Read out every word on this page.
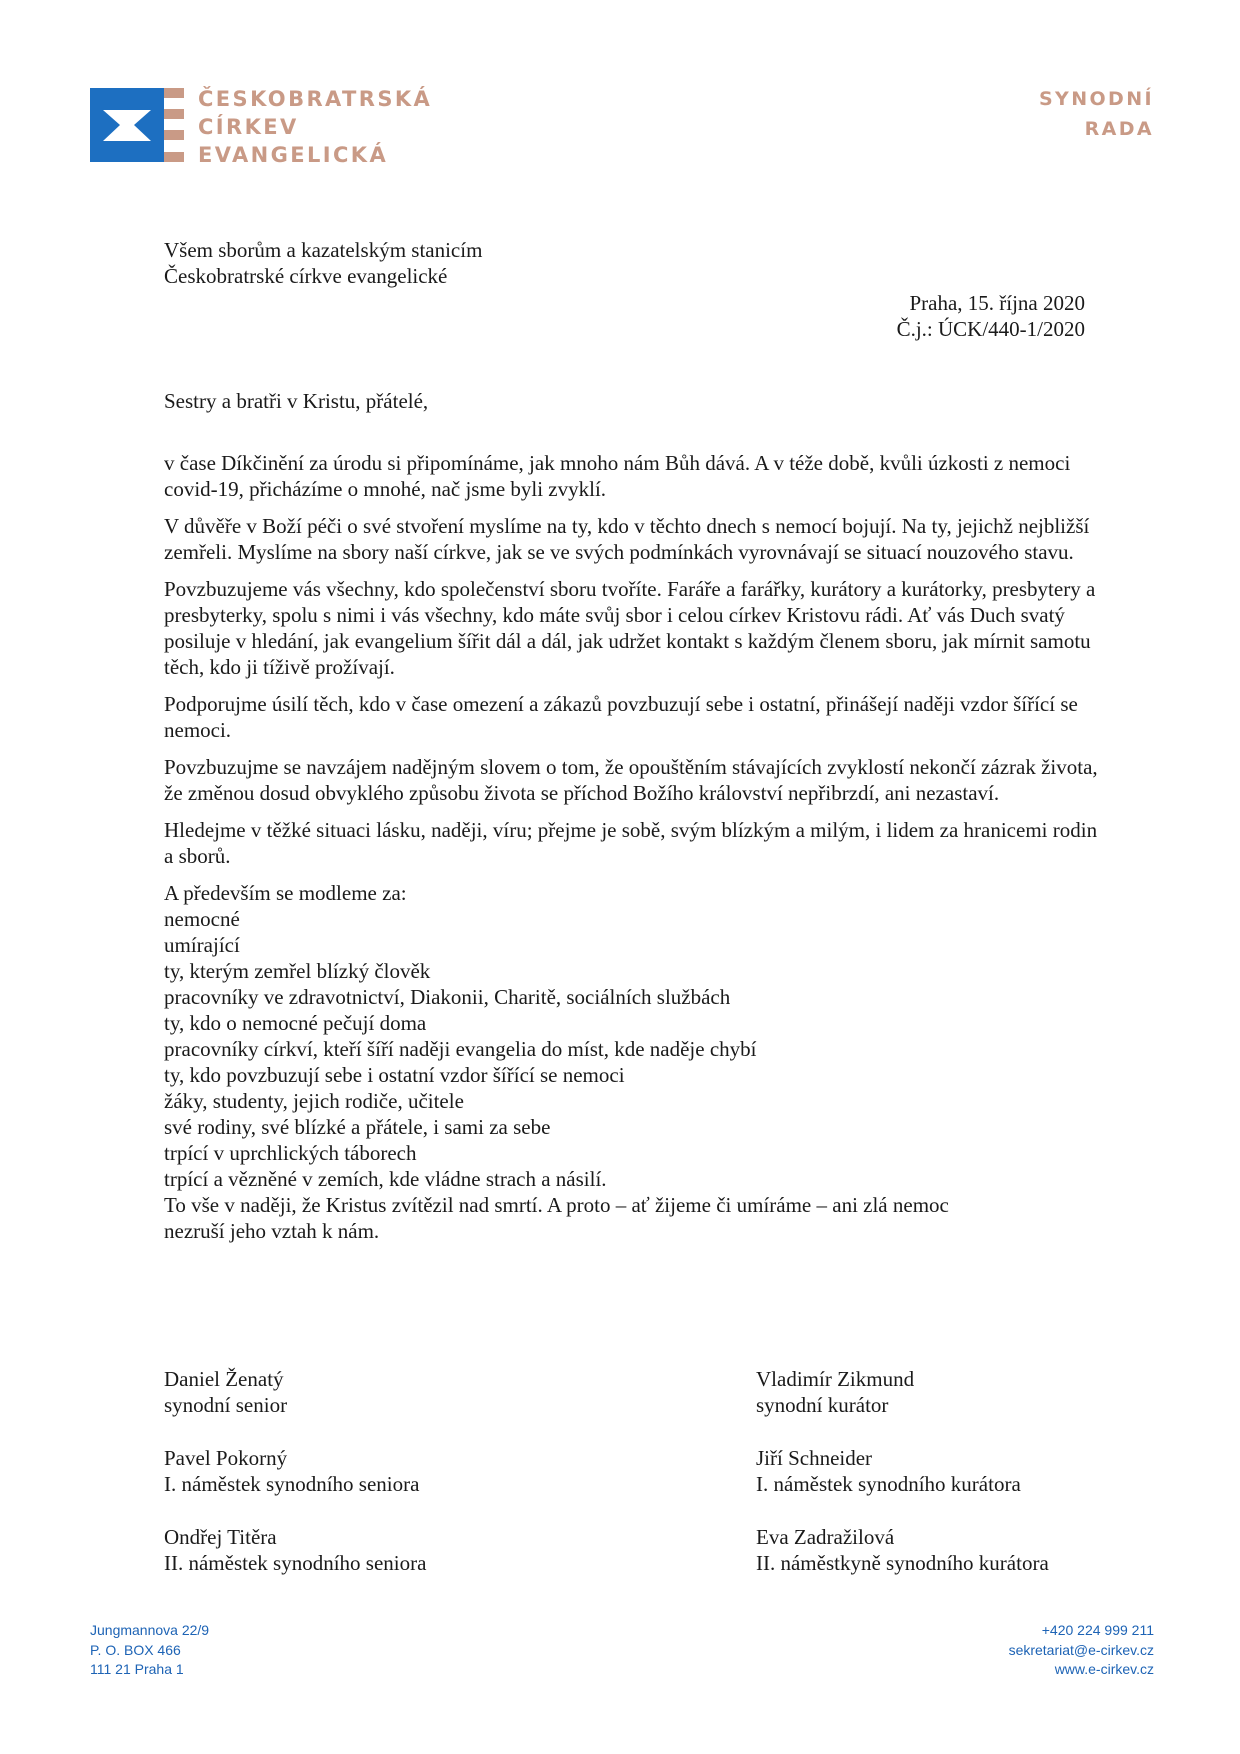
ČESKOBRATRSKÁ
CÍRKEV
EVANGELICKÁ
SYNODNÍ
RADA
Všem sborům a kazatelským stanicím
Českobratrské církve evangelické
Praha, 15. října 2020
Č.j.: ÚCK/440-1/2020
Sestry a bratři v Kristu, přátelé,

v čase Díkčinění za úrodu si připomínáme, jak mnoho nám Bůh dává. A v téže době, kvůli úzkosti z nemoci covid-19, přicházíme o mnohé, nač jsme byli zvyklí.

V důvěře v Boží péči o své stvoření myslíme na ty, kdo v těchto dnech s nemocí bojují. Na ty, jejichž nejbližší zemřeli. Myslíme na sbory naší církve, jak se ve svých podmínkách vyrovnávají se situací nouzového stavu.

Povzbuzujeme vás všechny, kdo společenství sboru tvoříte. Faráře a farářky, kurátory a kurátorky, presbytery a presbyterky, spolu s nimi i vás všechny, kdo máte svůj sbor i celou církev Kristovu rádi. Ať vás Duch svatý posiluje v hledání, jak evangelium šířit dál a dál, jak udržet kontakt s každým členem sboru, jak mírnit samotu těch, kdo ji tíživě prožívají.

Podporujme úsilí těch, kdo v čase omezení a zákazů povzbuzují sebe i ostatní, přinášejí naději vzdor šířící se nemoci.

Povzbuzujme se navzájem nadějným slovem o tom, že opouštěním stávajících zvyklostí nekončí zázrak života, že změnou dosud obvyklého způsobu života se příchod Božího království nepřibrzdí, ani nezastaví.

Hledejme v těžké situaci lásku, naději, víru; přejme je sobě, svým blízkým a milým, i lidem za hranicemi rodin a sborů.

A především se modleme za:
nemocné
umírající
ty, kterým zemřel blízký člověk
pracovníky ve zdravotnictví, Diakonii, Charitě, sociálních službách
ty, kdo o nemocné pečují doma
pracovníky církví, kteří šíří naději evangelia do míst, kde naděje chybí
ty, kdo povzbuzují sebe i ostatní vzdor šířící se nemoci
žáky, studenty, jejich rodiče, učitele
své rodiny, své blízké a přátele, i sami za sebe
trpící v uprchlických táborech
trpící a vězněné v zemích, kde vládne strach a násilí.
To vše v naději, že Kristus zvítězil nad smrtí. A proto – ať žijeme či umíráme – ani zlá nemoc
nezruší jeho vztah k nám.
Daniel Ženatý
synodní senior
Vladimír Zikmund
synodní kurátor
Pavel Pokorný
I. náměstek synodního seniora
Jiří Schneider
I. náměstek synodního kurátora
Ondřej Titěra
II. náměstek synodního seniora
Eva Zadražilová
II. náměstkyně synodního kurátora
Jungmannova 22/9
P. O. BOX 466
111 21 Praha 1
+420 224 999 211
sekretariat@e-cirkev.cz
www.e-cirkev.cz
